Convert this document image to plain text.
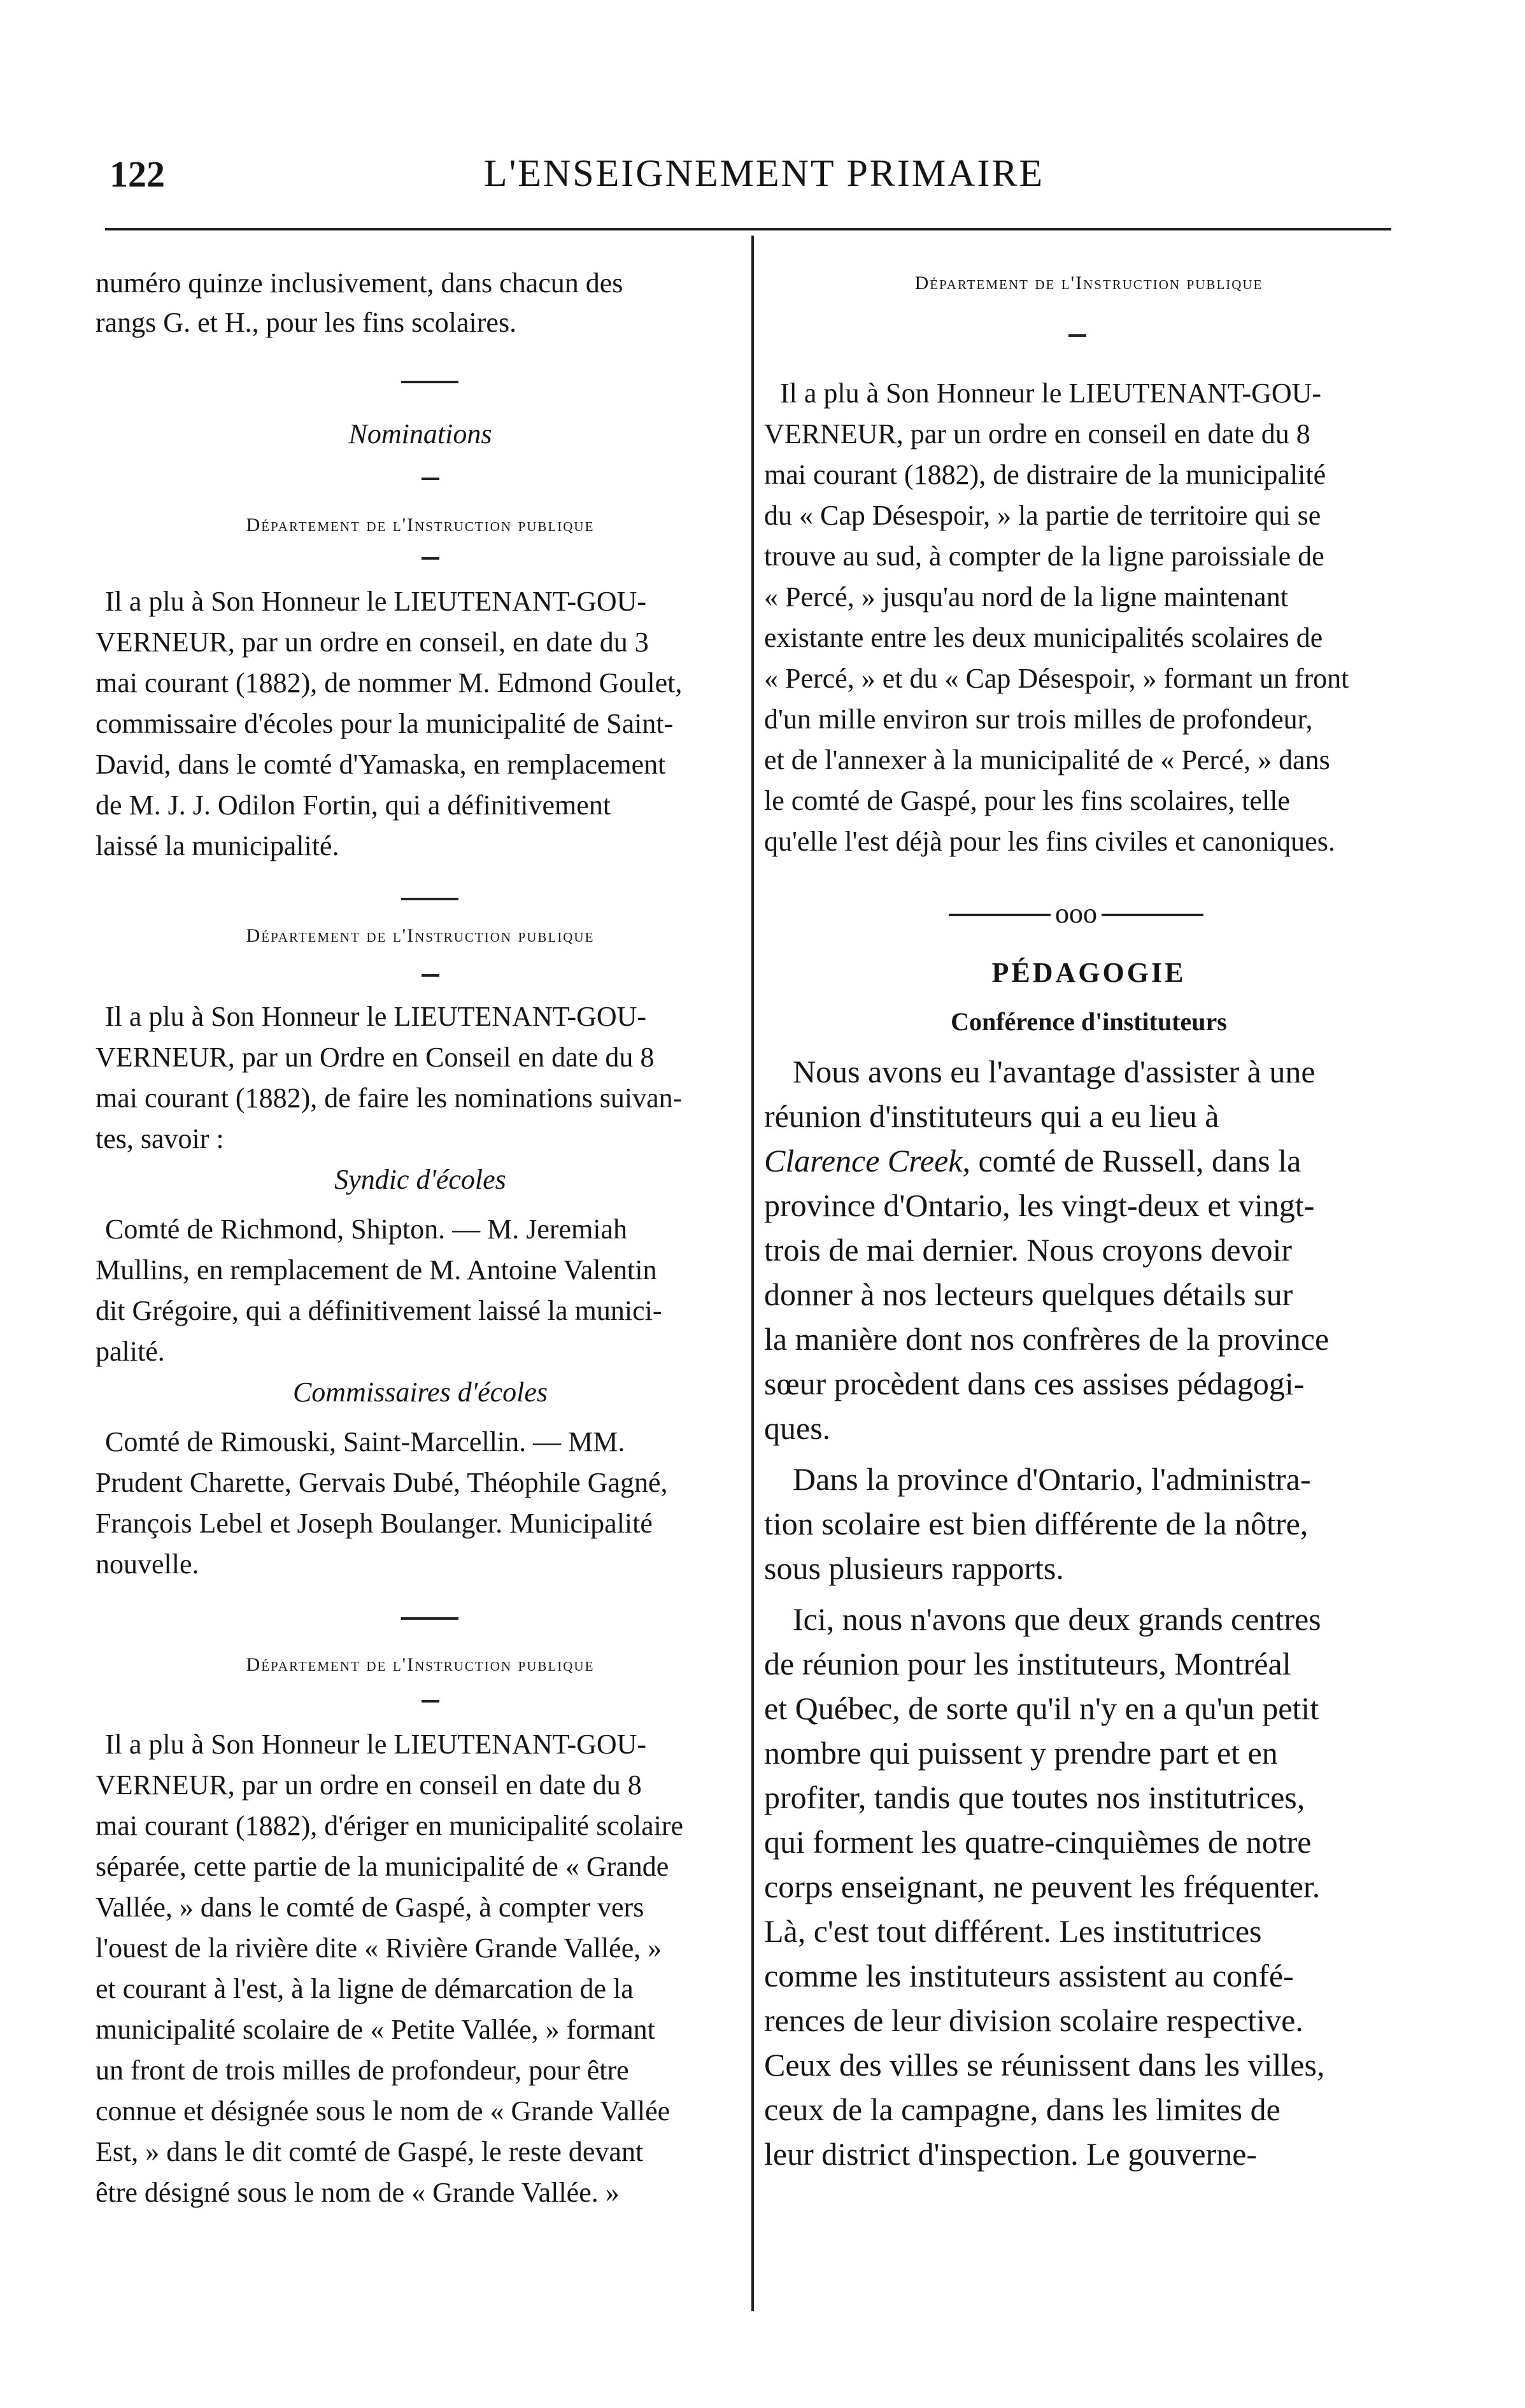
122	L'ENSEIGNEMENT PRIMAIRE
numéro quinze inclusivement, dans chacun des
rangs G. et H., pour les fins scolaires.
Nominations
Département de l'Instruction publique
Il a plu à Son Honneur le LIEUTENANT-GOU-
VERNEUR, par un ordre en conseil, en date du 3
mai courant (1882), de nommer M. Edmond Goulet,
commissaire d'écoles pour la municipalité de Saint-
David, dans le comté d'Yamaska, en remplacement
de M. J. J. Odilon Fortin, qui a définitivement
laissé la municipalité.
Département de l'Instruction publique
Il a plu à Son Honneur le LIEUTENANT-GOU-
VERNEUR, par un Ordre en Conseil en date du 8
mai courant (1882), de faire les nominations suivan-
tes, savoir :
Syndic d'écoles
Comté de Richmond, Shipton. — M. Jeremiah
Mullins, en remplacement de M. Antoine Valentin
dit Grégoire, qui a définitivement laissé la munici-
palité.
Commissaires d'écoles
Comté de Rimouski, Saint-Marcellin. — MM.
Prudent Charette, Gervais Dubé, Théophile Gagné,
François Lebel et Joseph Boulanger. Municipalité
nouvelle.
Département de l'Instruction publique
Il a plu à Son Honneur le LIEUTENANT-GOU-
VERNEUR, par un ordre en conseil en date du 8
mai courant (1882), d'ériger en municipalité scolaire
séparée, cette partie de la municipalité de « Grande
Vallée, » dans le comté de Gaspé, à compter vers
l'ouest de la rivière dite « Rivière Grande Vallée, »
et courant à l'est, à la ligne de démarcation de la
municipalité scolaire de « Petite Vallée, » formant
un front de trois milles de profondeur, pour être
connue et désignée sous le nom de « Grande Vallée
Est, » dans le dit comté de Gaspé, le reste devant
être désigné sous le nom de « Grande Vallée. »
Département de l'Instruction publique
Il a plu à Son Honneur le LIEUTENANT-GOU-
VERNEUR, par un ordre en conseil en date du 8
mai courant (1882), de distraire de la municipalité
du « Cap Désespoir, » la partie de territoire qui se
trouve au sud, à compter de la ligne paroissiale de
« Percé, » jusqu'au nord de la ligne maintenant
existante entre les deux municipalités scolaires de
« Percé, » et du « Cap Désespoir, » formant un front
d'un mille environ sur trois milles de profondeur,
et de l'annexer à la municipalité de « Percé, » dans
le comté de Gaspé, pour les fins scolaires, telle
qu'elle l'est déjà pour les fins civiles et canoniques.
ooo
PÉDAGOGIE
Conférence d'instituteurs
Nous avons eu l'avantage d'assister à une
réunion d'instituteurs qui a eu lieu à
Clarence Creek, comté de Russell, dans la
province d'Ontario, les vingt-deux et vingt-
trois de mai dernier. Nous croyons devoir
donner à nos lecteurs quelques détails sur
la manière dont nos confrères de la province
sœur procèdent dans ces assises pédagogi-
ques.
Dans la province d'Ontario, l'administra-
tion scolaire est bien différente de la nôtre,
sous plusieurs rapports.
Ici, nous n'avons que deux grands centres
de réunion pour les instituteurs, Montréal
et Québec, de sorte qu'il n'y en a qu'un petit
nombre qui puissent y prendre part et en
profiter, tandis que toutes nos institutrices,
qui forment les quatre-cinquièmes de notre
corps enseignant, ne peuvent les fréquenter.
Là, c'est tout différent. Les institutrices
comme les instituteurs assistent au confé-
rences de leur division scolaire respective.
Ceux des villes se réunissent dans les villes,
ceux de la campagne, dans les limites de
leur district d'inspection. Le gouverne-
